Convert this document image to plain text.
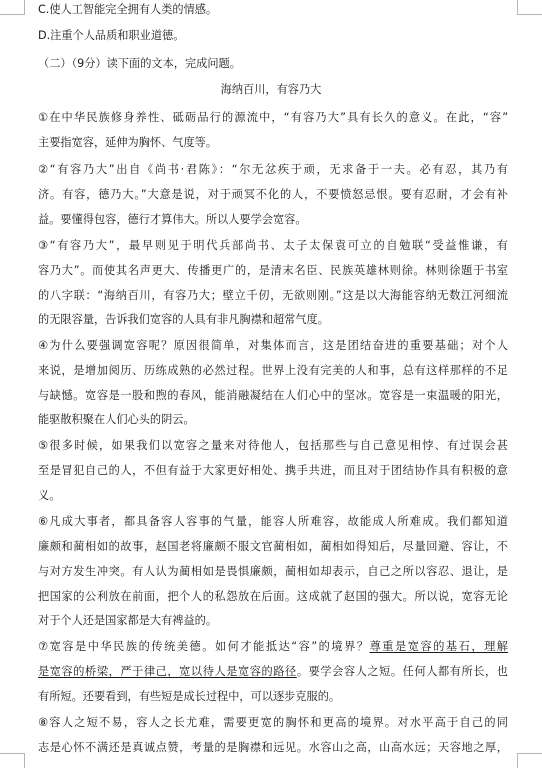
C.使人工智能完全拥有人类的情感。
D.注重个人品质和职业道德。
（二）（9分）读下面的文本，完成问题。
海纳百川，有容乃大
①在中华民族修身养性、砥砺品行的源流中，“有容乃大”具有长久的意义。在此，“容”
主要指宽容，延伸为胸怀、气度等。
②“有容乃大”出自《尚书·君陈》：“尔无忿疾于顽，无求备于一夫。必有忍，其乃有
济。有容，德乃大。”大意是说，对于顽冥不化的人，不要愤怒忌恨。要有忍耐，才会有补
益。要懂得包容，德行才算伟大。所以人要学会宽容。
③“有容乃大”，最早则见于明代兵部尚书、太子太保袁可立的自勉联“受益惟谦，有
容乃大”。而使其名声更大、传播更广的，是清末名臣、民族英雄林则徐。林则徐题于书室
的八字联：“海纳百川，有容乃大；壁立千仞，无欲则刚。”这是以大海能容纳无数江河细流
的无限容量，告诉我们宽容的人具有非凡胸襟和超常气度。
④为什么要强调宽容呢？原因很简单，对集体而言，这是团结奋进的重要基础；对个人
来说，是增加阅历、历练成熟的必然过程。世界上没有完美的人和事，总有这样那样的不足
与缺憾。宽容是一股和煦的春风，能消融凝结在人们心中的坚冰。宽容是一束温暖的阳光，
能驱散积聚在人们心头的阴云。
⑤很多时候，如果我们以宽容之量来对待他人，包括那些与自己意见相悖、有过误会甚
至是冒犯自己的人，不但有益于大家更好相处、携手共进，而且对于团结协作具有积极的意
义。
⑥凡成大事者，都具备容人容事的气量，能容人所难容，故能成人所难成。我们都知道
廉颇和蔺相如的故事，赵国老将廉颇不服文官蔺相如，蔺相如得知后，尽量回避、容让，不
与对方发生冲突。有人认为蔺相如是畏惧廉颇，蔺相如却表示，自己之所以容忍、退让，是
把国家的公利放在前面，把个人的私怨放在后面。这成就了赵国的强大。所以说，宽容无论
对于个人还是国家都是大有裨益的。
⑦宽容是中华民族的传统美德。如何才能抵达“容”的境界？尊重是宽容的基石，理解
是宽容的桥梁，严于律己，宽以待人是宽容的路径。要学会容人之短。任何人都有所长，也
有所短。还要看到，有些短是成长过程中，可以逐步克服的。
⑧容人之短不易，容人之长尤难，需要更宽的胸怀和更高的境界。对水平高于自己的同
志是心怀不满还是真诚点赞，考量的是胸襟和远见。水容山之高，山高水远；天容地之厚，
